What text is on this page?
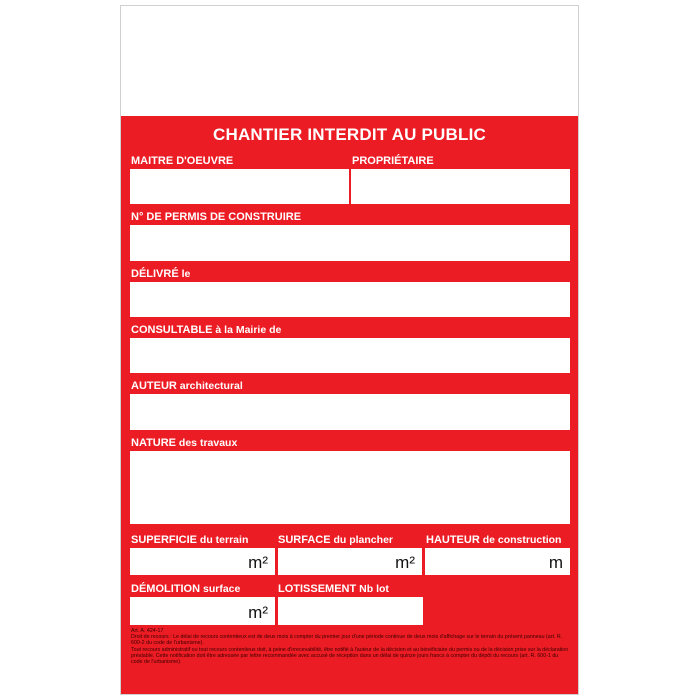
CHANTIER INTERDIT AU PUBLIC
MAITRE D'OEUVRE	PROPRIÉTAIRE
N° DE PERMIS DE CONSTRUIRE
DÉLIVRÉ le
CONSULTABLE à la Mairie de
AUTEUR architectural
NATURE des travaux
SUPERFICIE du terrain	SURFACE du plancher	HAUTEUR de construction
m²	m²	m
DÉMOLITION surface	LOTISSEMENT Nb lot
m²
Art. A. 424-17
Droit de recours : Le délai de recours contentieux est de deux mois à compter du premier jour d'une période continue de deux mois d'affichage sur le terrain du présent panneau (art. R. 600-2 du code de l'urbanisme).
Tout recours administratif ou tout recours contentieux doit, à peine d'irrecevabilité, être notifié à l'auteur de la décision et au bénéficiaire du permis ou de la décision prise sur la déclaration préalable. Cette notification doit être adressée par lettre recommandée avec accusé de réception dans un délai de quinze jours francs à compter du dépôt du recours (art. R. 600-1 du code de l'urbanisme).
